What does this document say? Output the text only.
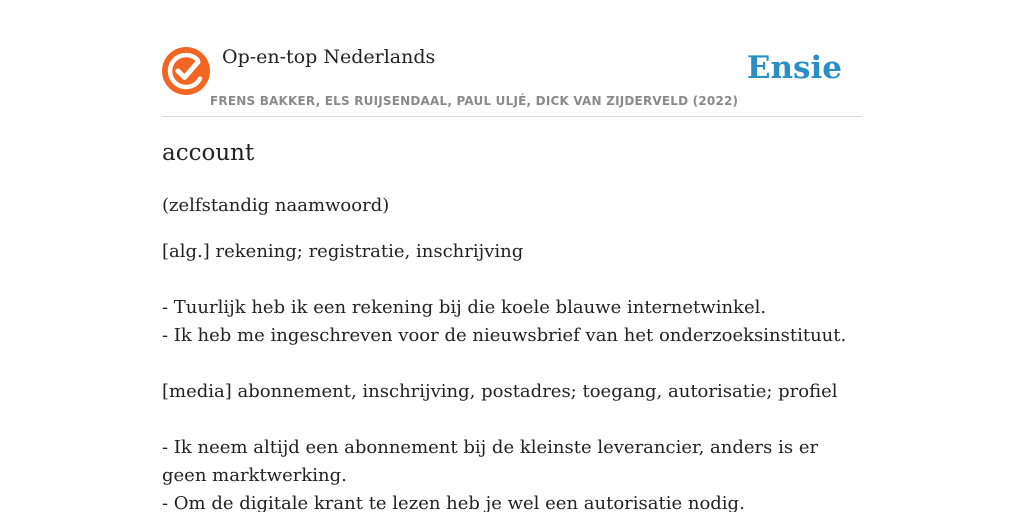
Op-en-top Nederlands
FRENS BAKKER, ELS RUIJSENDAAL, PAUL ULJÉ, DICK VAN ZIJDERVELD (2022)
Ensie
account

(zelfstandig naamwoord)

[alg.] rekening; registratie, inschrijving

- Tuurlijk heb ik een rekening bij die koele blauwe internetwinkel.

- Ik heb me ingeschreven voor de nieuwsbrief van het onderzoeksinstituut.

[media] abonnement, inschrijving, postadres; toegang, autorisatie; profiel

- Ik neem altijd een abonnement bij de kleinste leverancier, anders is er geen marktwerking.

- Om de digitale krant te lezen heb je wel een autorisatie nodig.
